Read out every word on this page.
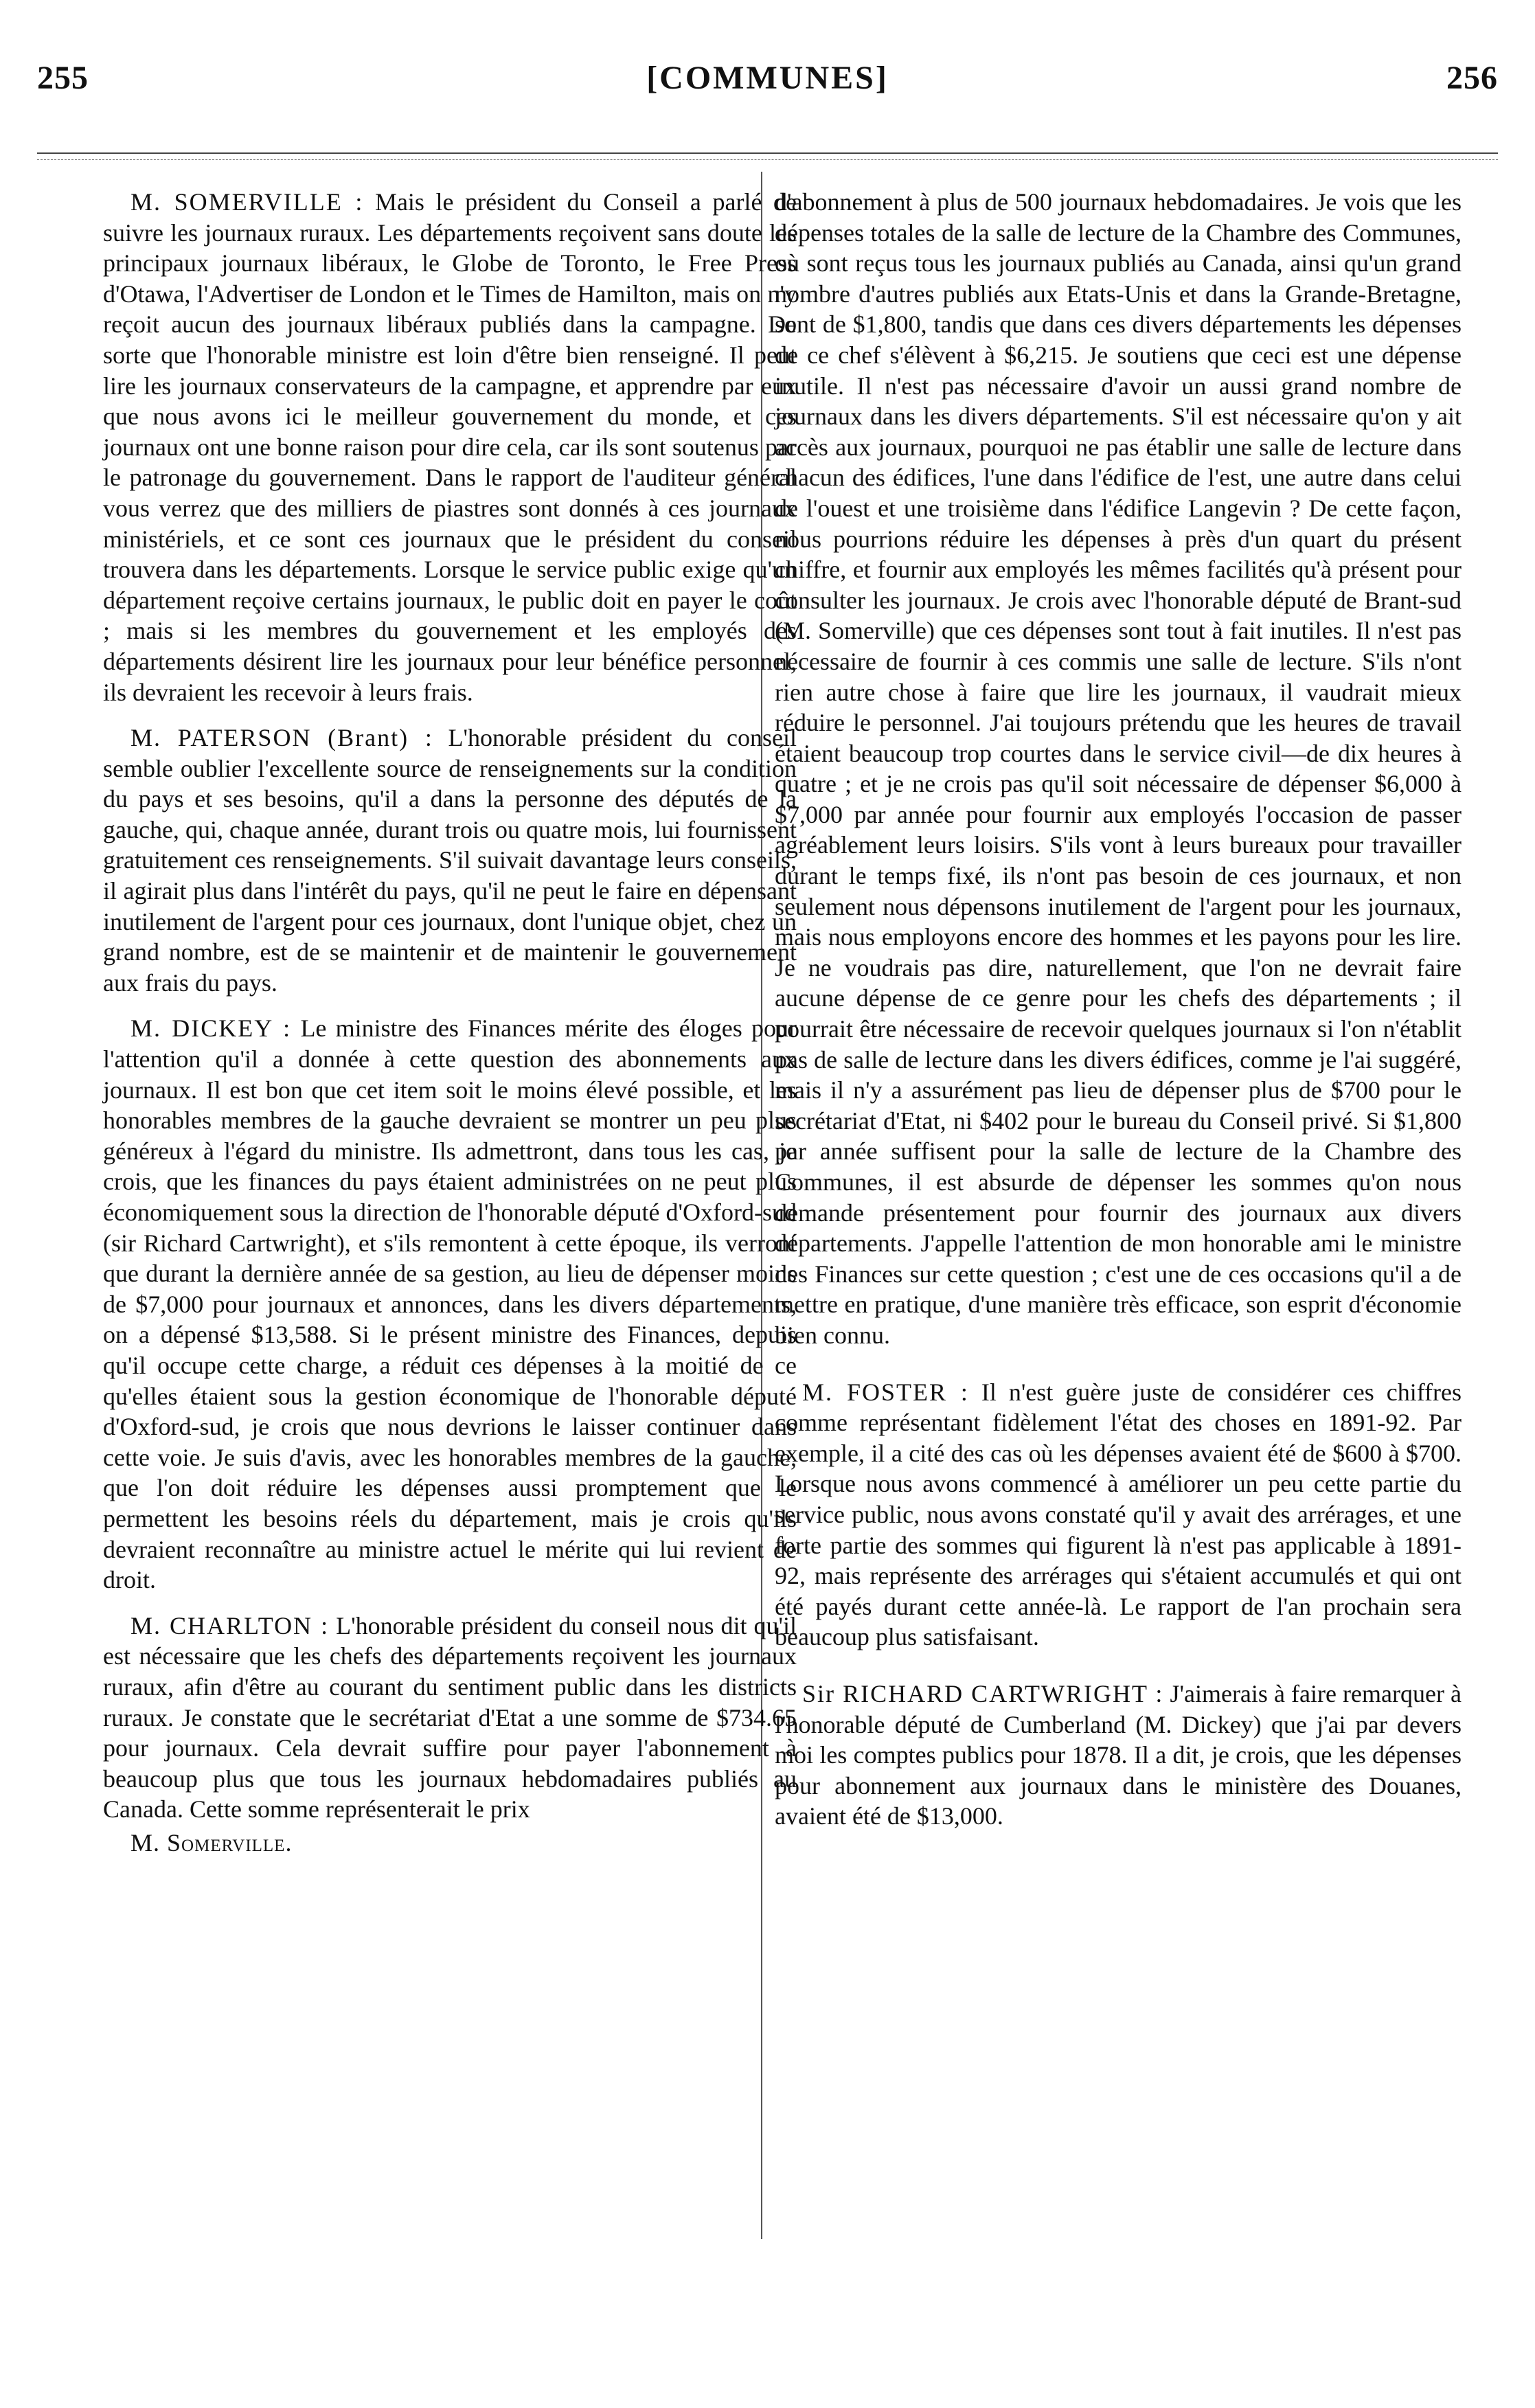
255	[COMMUNES]	256

M. SOMERVILLE : Mais le président du Conseil a parlé de suivre les journaux ruraux. Les départements reçoivent sans doute les principaux journaux libéraux, le Globe de Toronto, le Free Press d'Otawa, l'Advertiser de London et le Times de Hamilton, mais on n'y reçoit aucun des journaux libéraux publiés dans la campagne. De sorte que l'honorable ministre est loin d'être bien renseigné. Il peut lire les journaux conservateurs de la campagne, et apprendre par eux que nous avons ici le meilleur gouvernement du monde, et ces journaux ont une bonne raison pour dire cela, car ils sont soutenus par le patronage du gouvernement. Dans le rapport de l'auditeur général vous verrez que des milliers de piastres sont donnés à ces journaux ministériels, et ce sont ces journaux que le président du conseil trouvera dans les départements. Lorsque le service public exige qu'un département reçoive certains journaux, le public doit en payer le coût ; mais si les membres du gouvernement et les employés des départements désirent lire les journaux pour leur bénéfice personnel, ils devraient les recevoir à leurs frais.

M. PATERSON (Brant) : L'honorable président du conseil semble oublier l'excellente source de renseignements sur la condition du pays et ses besoins, qu'il a dans la personne des députés de la gauche, qui, chaque année, durant trois ou quatre mois, lui fournissent gratuitement ces renseignements. S'il suivait davantage leurs conseils, il agirait plus dans l'intérêt du pays, qu'il ne peut le faire en dépensant inutilement de l'argent pour ces journaux, dont l'unique objet, chez un grand nombre, est de se maintenir et de maintenir le gouvernement aux frais du pays.

M. DICKEY : Le ministre des Finances mérite des éloges pour l'attention qu'il a donnée à cette question des abonnements aux journaux. Il est bon que cet item soit le moins élevé possible, et les honorables membres de la gauche devraient se montrer un peu plus généreux à l'égard du ministre. Ils admettront, dans tous les cas, je crois, que les finances du pays étaient administrées on ne peut plus économiquement sous la direction de l'honorable député d'Oxford-sud (sir Richard Cartwright), et s'ils remontent à cette époque, ils verront que durant la dernière année de sa gestion, au lieu de dépenser moins de $7,000 pour journaux et annonces, dans les divers départements, on a dépensé $13,588. Si le présent ministre des Finances, depuis qu'il occupe cette charge, a réduit ces dépenses à la moitié de ce qu'elles étaient sous la gestion économique de l'honorable député d'Oxford-sud, je crois que nous devrions le laisser continuer dans cette voie. Je suis d'avis, avec les honorables membres de la gauche, que l'on doit réduire les dépenses aussi promptement que le permettent les besoins réels du département, mais je crois qu'ils devraient reconnaître au ministre actuel le mérite qui lui revient de droit.

M. CHARLTON : L'honorable président du conseil nous dit qu'il est nécessaire que les chefs des départements reçoivent les journaux ruraux, afin d'être au courant du sentiment public dans les districts ruraux. Je constate que le secrétariat d'Etat a une somme de $734.65 pour journaux. Cela devrait suffire pour payer l'abonnement à beaucoup plus que tous les journaux hebdomadaires publiés au Canada. Cette somme représenterait le prix

M. Somerville.

d'abonnement à plus de 500 journaux hebdomadaires. Je vois que les dépenses totales de la salle de lecture de la Chambre des Communes, où sont reçus tous les journaux publiés au Canada, ainsi qu'un grand nombre d'autres publiés aux Etats-Unis et dans la Grande-Bretagne, sont de $1,800, tandis que dans ces divers départements les dépenses de ce chef s'élèvent à $6,215. Je soutiens que ceci est une dépense inutile. Il n'est pas nécessaire d'avoir un aussi grand nombre de journaux dans les divers départements. S'il est nécessaire qu'on y ait accès aux journaux, pourquoi ne pas établir une salle de lecture dans chacun des édifices, l'une dans l'édifice de l'est, une autre dans celui de l'ouest et une troisième dans l'édifice Langevin ? De cette façon, nous pourrions réduire les dépenses à près d'un quart du présent chiffre, et fournir aux employés les mêmes facilités qu'à présent pour consulter les journaux. Je crois avec l'honorable député de Brant-sud (M. Somerville) que ces dépenses sont tout à fait inutiles. Il n'est pas nécessaire de fournir à ces commis une salle de lecture. S'ils n'ont rien autre chose à faire que lire les journaux, il vaudrait mieux réduire le personnel. J'ai toujours prétendu que les heures de travail étaient beaucoup trop courtes dans le service civil—de dix heures à quatre ; et je ne crois pas qu'il soit nécessaire de dépenser $6,000 à $7,000 par année pour fournir aux employés l'occasion de passer agréablement leurs loisirs. S'ils vont à leurs bureaux pour travailler durant le temps fixé, ils n'ont pas besoin de ces journaux, et non seulement nous dépensons inutilement de l'argent pour les journaux, mais nous employons encore des hommes et les payons pour les lire. Je ne voudrais pas dire, naturellement, que l'on ne devrait faire aucune dépense de ce genre pour les chefs des départements ; il pourrait être nécessaire de recevoir quelques journaux si l'on n'établit pas de salle de lecture dans les divers édifices, comme je l'ai suggéré, mais il n'y a assurément pas lieu de dépenser plus de $700 pour le secrétariat d'Etat, ni $402 pour le bureau du Conseil privé. Si $1,800 par année suffisent pour la salle de lecture de la Chambre des Communes, il est absurde de dépenser les sommes qu'on nous demande présentement pour fournir des journaux aux divers départements. J'appelle l'attention de mon honorable ami le ministre des Finances sur cette question ; c'est une de ces occasions qu'il a de mettre en pratique, d'une manière très efficace, son esprit d'économie bien connu.

M. FOSTER : Il n'est guère juste de considérer ces chiffres comme représentant fidèlement l'état des choses en 1891-92. Par exemple, il a cité des cas où les dépenses avaient été de $600 à $700. Lorsque nous avons commencé à améliorer un peu cette partie du service public, nous avons constaté qu'il y avait des arrérages, et une forte partie des sommes qui figurent là n'est pas applicable à 1891-92, mais représente des arrérages qui s'étaient accumulés et qui ont été payés durant cette année-là. Le rapport de l'an prochain sera beaucoup plus satisfaisant.

Sir RICHARD CARTWRIGHT : J'aimerais à faire remarquer à l'honorable député de Cumberland (M. Dickey) que j'ai par devers moi les comptes publics pour 1878. Il a dit, je crois, que les dépenses pour abonnement aux journaux dans le ministère des Douanes, avaient été de $13,000.
